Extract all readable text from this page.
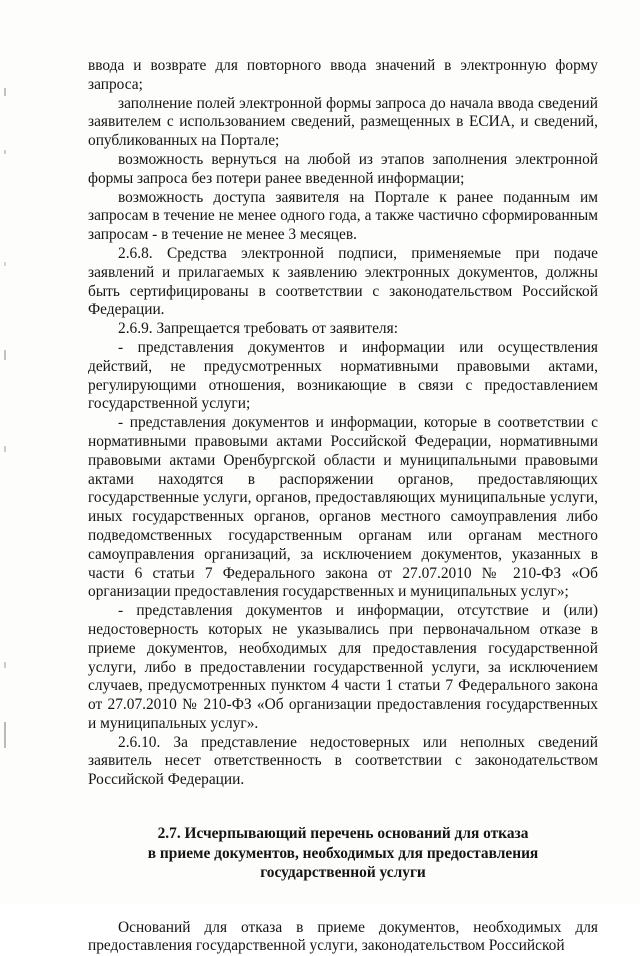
ввода и возврате для повторного ввода значений в электронную форму запроса;

заполнение полей электронной формы запроса до начала ввода сведений заявителем с использованием сведений, размещенных в ЕСИА, и сведений, опубликованных на Портале;

возможность вернуться на любой из этапов заполнения электронной формы запроса без потери ранее введенной информации;

возможность доступа заявителя на Портале к ранее поданным им запросам в течение не менее одного года, а также частично сформированным запросам - в течение не менее 3 месяцев.

2.6.8. Средства электронной подписи, применяемые при подаче заявлений и прилагаемых к заявлению электронных документов, должны быть сертифицированы в соответствии с законодательством Российской Федерации.

2.6.9. Запрещается требовать от заявителя:

- представления документов и информации или осуществления действий, не предусмотренных нормативными правовыми актами, регулирующими отношения, возникающие в связи с предоставлением государственной услуги;

- представления документов и информации, которые в соответствии с нормативными правовыми актами Российской Федерации, нормативными правовыми актами Оренбургской области и муниципальными правовыми актами находятся в распоряжении органов, предоставляющих государственные услуги, органов, предоставляющих муниципальные услуги, иных государственных органов, органов местного самоуправления либо подведомственных государственным органам или органам местного самоуправления организаций, за исключением документов, указанных в части 6 статьи 7 Федерального закона от 27.07.2010 № 210-ФЗ «Об организации предоставления государственных и муниципальных услуг»;

- представления документов и информации, отсутствие и (или) недостоверность которых не указывались при первоначальном отказе в приеме документов, необходимых для предоставления государственной услуги, либо в предоставлении государственной услуги, за исключением случаев, предусмотренных пунктом 4 части 1 статьи 7 Федерального закона от 27.07.2010 № 210-ФЗ «Об организации предоставления государственных и муниципальных услуг».

2.6.10. За представление недостоверных или неполных сведений заявитель несет ответственность в соответствии с законодательством Российской Федерации.

2.7. Исчерпывающий перечень оснований для отказа
в приеме документов, необходимых для предоставления
государственной услуги

Оснований для отказа в приеме документов, необходимых для предоставления государственной услуги, законодательством Российской
